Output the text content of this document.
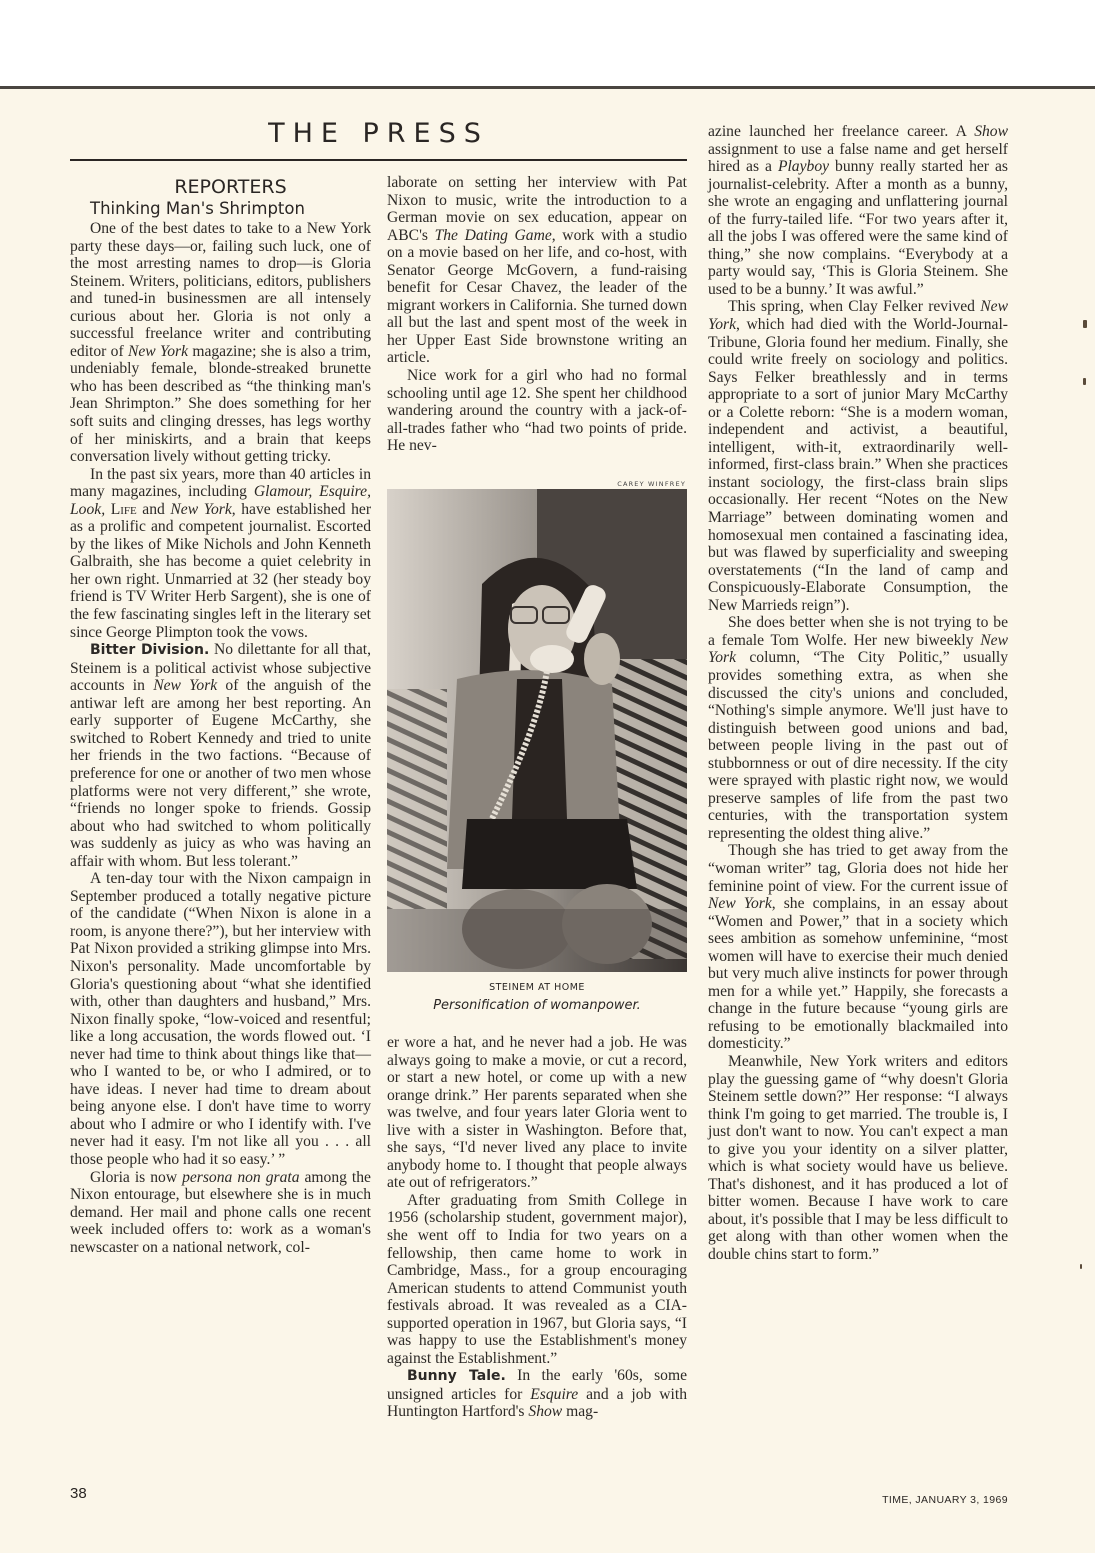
THE PRESS

REPORTERS

Thinking Man's Shrimpton

One of the best dates to take to a New York party these days—or, failing such luck, one of the most arresting names to drop—is Gloria Steinem. Writers, politicians, editors, publishers and tuned-in businessmen are all intensely curious about her. Gloria is not only a successful freelance writer and contributing editor of New York magazine; she is also a trim, undeniably female, blonde-streaked brunette who has been described as “the thinking man's Jean Shrimpton.” She does something for her soft suits and clinging dresses, has legs worthy of her miniskirts, and a brain that keeps conversation lively without getting tricky.

In the past six years, more than 40 articles in many magazines, including Glamour, Esquire, Look, Life and New York, have established her as a prolific and competent journalist. Escorted by the likes of Mike Nichols and John Kenneth Galbraith, she has become a quiet celebrity in her own right. Unmarried at 32 (her steady boy friend is TV Writer Herb Sargent), she is one of the few fascinating singles left in the literary set since George Plimpton took the vows.

Bitter Division. No dilettante for all that, Steinem is a political activist whose subjective accounts in New York of the anguish of the antiwar left are among her best reporting. An early supporter of Eugene McCarthy, she switched to Robert Kennedy and tried to unite her friends in the two factions. “Because of preference for one or another of two men whose platforms were not very different,” she wrote, “friends no longer spoke to friends. Gossip about who had switched to whom politically was suddenly as juicy as who was having an affair with whom. But less tolerant.”

A ten-day tour with the Nixon campaign in September produced a totally negative picture of the candidate (“When Nixon is alone in a room, is anyone there?”), but her interview with Pat Nixon provided a striking glimpse into Mrs. Nixon's personality. Made uncomfortable by Gloria's questioning about “what she identified with, other than daughters and husband,” Mrs. Nixon finally spoke, “low-voiced and resentful; like a long accusation, the words flowed out. ‘I never had time to think about things like that—who I wanted to be, or who I admired, or to have ideas. I never had time to dream about being anyone else. I don't have time to worry about who I admire or who I identify with. I've never had it easy. I'm not like all you . . . all those people who had it so easy.’ ”

Gloria is now persona non grata among the Nixon entourage, but elsewhere she is in much demand. Her mail and phone calls one recent week included offers to: work as a woman's newscaster on a national network, col-

laborate on setting her interview with Pat Nixon to music, write the introduction to a German movie on sex education, appear on ABC's The Dating Game, work with a studio on a movie based on her life, and co-host, with Senator George McGovern, a fund-raising benefit for Cesar Chavez, the leader of the migrant workers in California. She turned down all but the last and spent most of the week in her Upper East Side brownstone writing an article.

Nice work for a girl who had no formal schooling until age 12. She spent her childhood wandering around the country with a jack-of-all-trades father who “had two points of pride. He nev-

CAREY WINFREY
STEINEM AT HOME
Personification of womanpower.

er wore a hat, and he never had a job. He was always going to make a movie, or cut a record, or start a new hotel, or come up with a new orange drink.” Her parents separated when she was twelve, and four years later Gloria went to live with a sister in Washington. Before that, she says, “I'd never lived any place to invite anybody home to. I thought that people always ate out of refrigerators.”

After graduating from Smith College in 1956 (scholarship student, government major), she went off to India for two years on a fellowship, then came home to work in Cambridge, Mass., for a group encouraging American students to attend Communist youth festivals abroad. It was revealed as a CIA-supported operation in 1967, but Gloria says, “I was happy to use the Establishment's money against the Establishment.”

Bunny Tale. In the early '60s, some unsigned articles for Esquire and a job with Huntington Hartford's Show mag-

azine launched her freelance career. A Show assignment to use a false name and get herself hired as a Playboy bunny really started her as journalist-celebrity. After a month as a bunny, she wrote an engaging and unflattering journal of the furry-tailed life. “For two years after it, all the jobs I was offered were the same kind of thing,” she now complains. “Everybody at a party would say, ‘This is Gloria Steinem. She used to be a bunny.’ It was awful.”

This spring, when Clay Felker revived New York, which had died with the World-Journal-Tribune, Gloria found her medium. Finally, she could write freely on sociology and politics. Says Felker breathlessly and in terms appropriate to a sort of junior Mary McCarthy or a Colette reborn: “She is a modern woman, independent and activist, a beautiful, intelligent, with-it, extraordinarily well-informed, first-class brain.” When she practices instant sociology, the first-class brain slips occasionally. Her recent “Notes on the New Marriage” between dominating women and homosexual men contained a fascinating idea, but was flawed by superficiality and sweeping overstatements (“In the land of camp and Conspicuously-Elaborate Consumption, the New Marrieds reign”).

She does better when she is not trying to be a female Tom Wolfe. Her new biweekly New York column, “The City Politic,” usually provides something extra, as when she discussed the city's unions and concluded, “Nothing's simple anymore. We'll just have to distinguish between good unions and bad, between people living in the past out of stubbornness or out of dire necessity. If the city were sprayed with plastic right now, we would preserve samples of life from the past two centuries, with the transportation system representing the oldest thing alive.”

Though she has tried to get away from the “woman writer” tag, Gloria does not hide her feminine point of view. For the current issue of New York, she complains, in an essay about “Women and Power,” that in a society which sees ambition as somehow unfeminine, “most women will have to exercise their much denied but very much alive instincts for power through men for a while yet.” Happily, she forecasts a change in the future because “young girls are refusing to be emotionally blackmailed into domesticity.”

Meanwhile, New York writers and editors play the guessing game of “why doesn't Gloria Steinem settle down?” Her response: “I always think I'm going to get married. The trouble is, I just don't want to now. You can't expect a man to give you your identity on a silver platter, which is what society would have us believe. That's dishonest, and it has produced a lot of bitter women. Because I have work to care about, it's possible that I may be less difficult to get along with than other women when the double chins start to form.”

38	TIME, JANUARY 3, 1969
